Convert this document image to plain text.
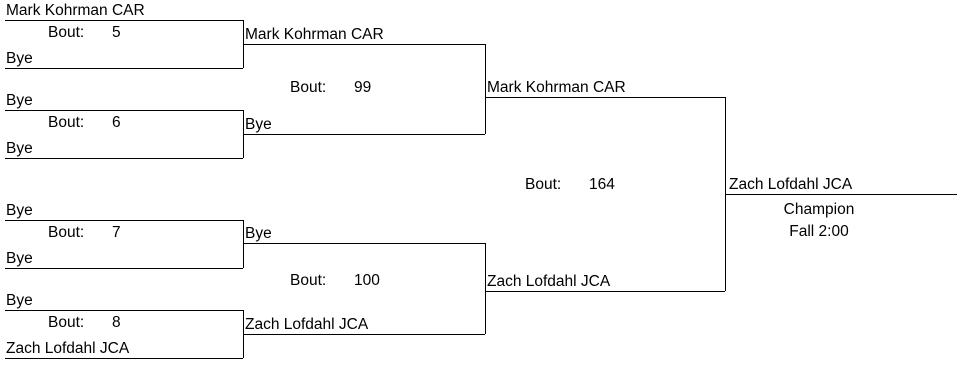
Mark Kohrman CAR
Bye
Bout: 5
Bye
Bye
Bout: 6
Bye
Bye
Bout: 7
Bye
Zach Lofdahl JCA
Bout: 8
Mark Kohrman CAR
Bye
Bout: 99
Bye
Zach Lofdahl JCA
Bout: 100
Mark Kohrman CAR
Zach Lofdahl JCA
Bout: 164	Zach Lofdahl JCA
Champion
Fall 2:00
